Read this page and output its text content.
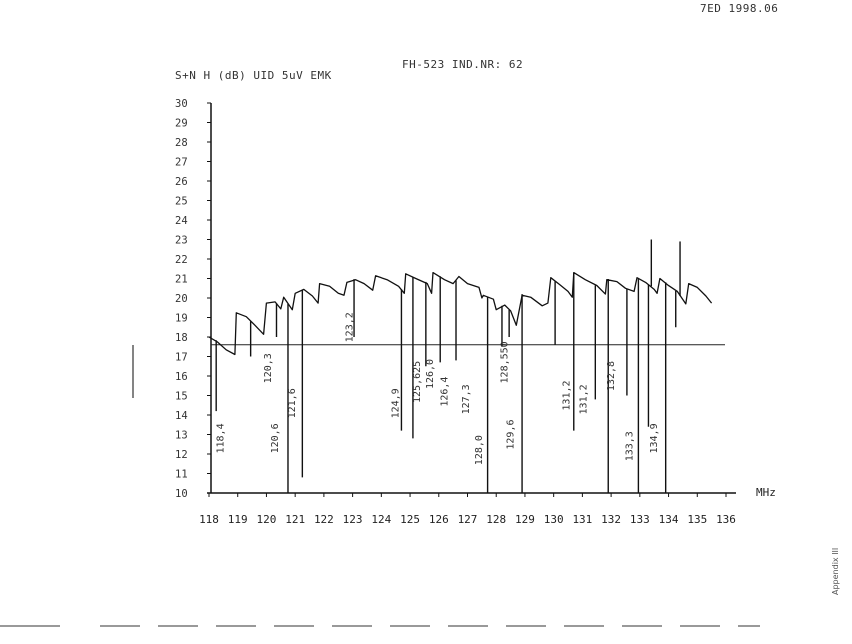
7ED 1998.06
FH-523 IND.NR: 62
S+N H (dB) UID 5uV EMK
Appendix III
10
11
12
13
14
15
16
17
18
19
20
21
22
23
24
25
26
27
28
29
30
118 119 120 121 122 123 124 125 126 127 128 129 130 131 132 133 134 135 136
118,4
120,3
120,6
121,6
123,2
124,9
125,625 126,0
126,4 127,3
128,0
128,550
129,6
131,2 131,2
132,8
133,3 134,9
MHz
